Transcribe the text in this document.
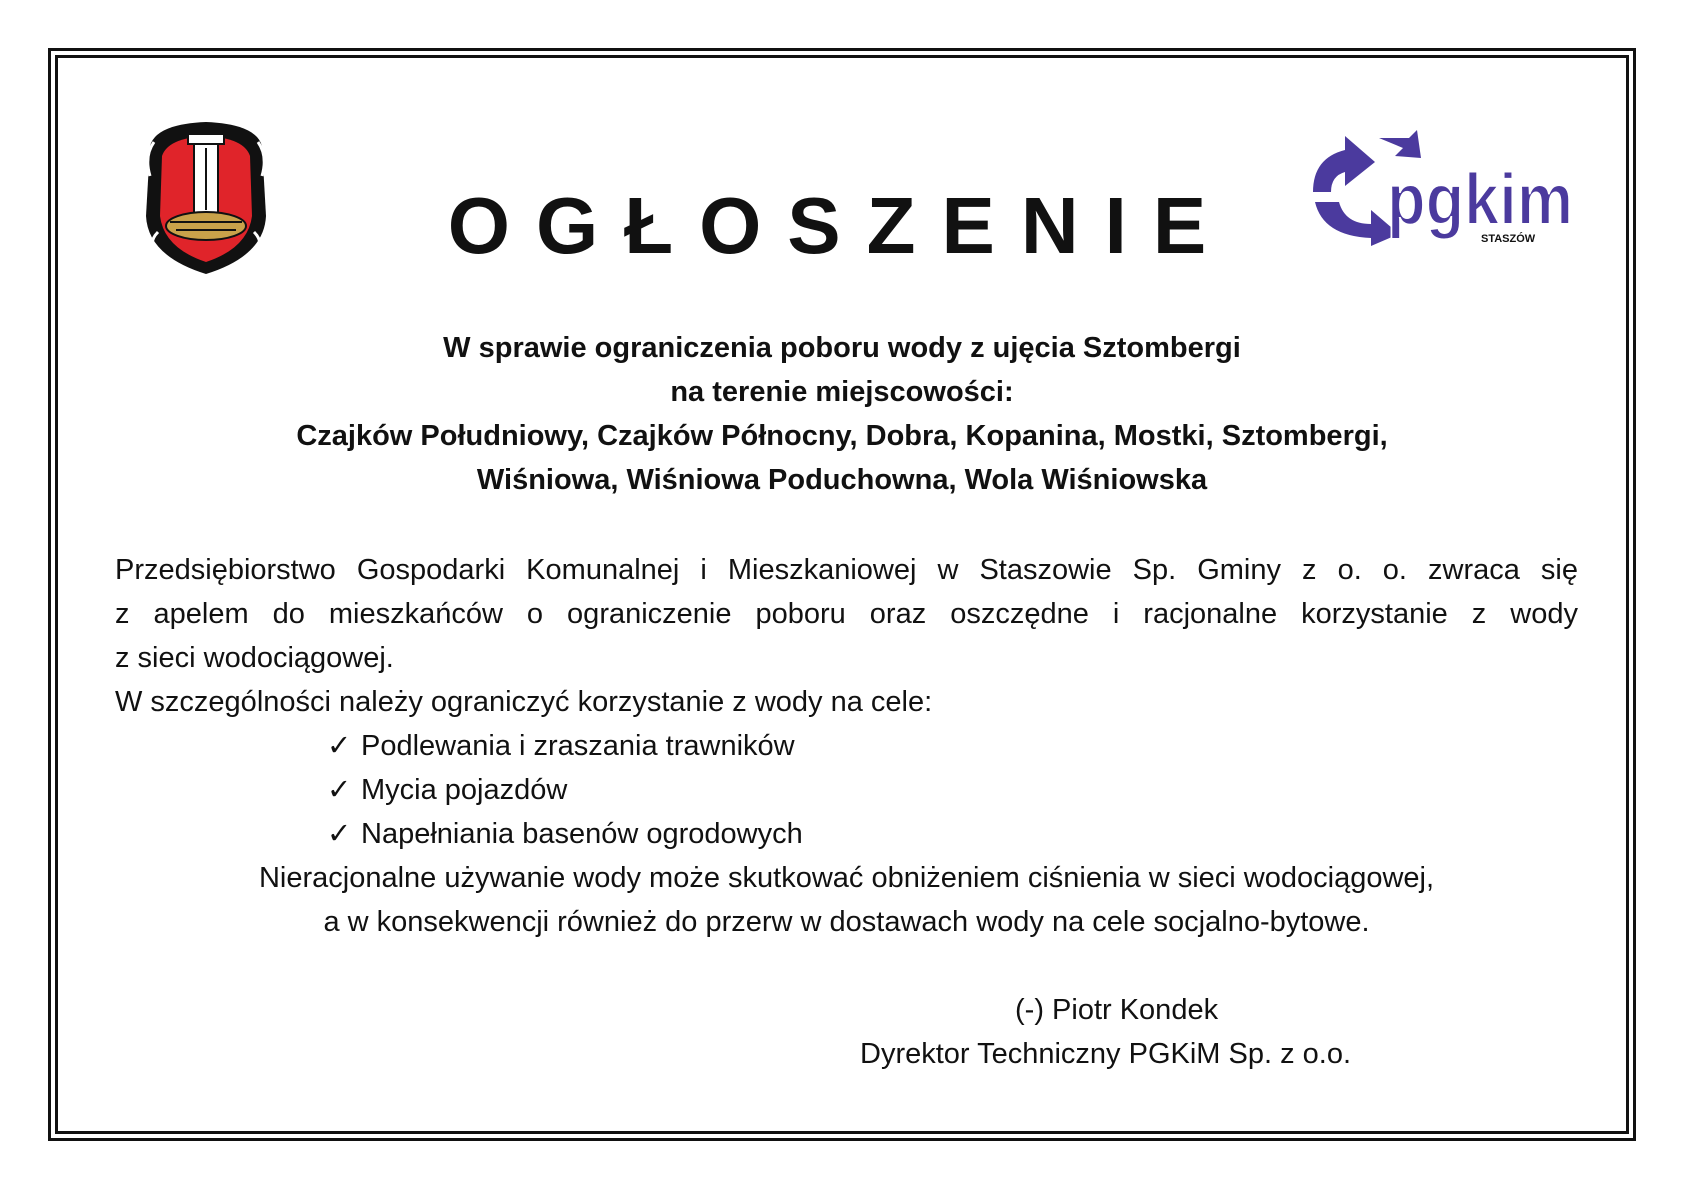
pgkim
STASZÓW
OGŁOSZENIE
W sprawie ograniczenia poboru wody z ujęcia Sztombergi
na terenie miejscowości:
Czajków Południowy, Czajków Północny, Dobra, Kopanina, Mostki, Sztombergi,
Wiśniowa, Wiśniowa Poduchowna, Wola Wiśniowska
Przedsiębiorstwo Gospodarki Komunalnej i Mieszkaniowej w Staszowie Sp. Gminy z o. o. zwraca się
z apelem do mieszkańców o ograniczenie poboru oraz oszczędne i racjonalne korzystanie z wody
z sieci wodociągowej.
W szczególności należy ograniczyć korzystanie z wody na cele:
✓ Podlewania i zraszania trawników
✓ Mycia pojazdów
✓ Napełniania basenów ogrodowych
Nieracjonalne używanie wody może skutkować obniżeniem ciśnienia w sieci wodociągowej,
a w konsekwencji również do przerw w dostawach wody na cele socjalno-bytowe.
(-) Piotr Kondek
Dyrektor Techniczny PGKiM Sp. z o.o.
